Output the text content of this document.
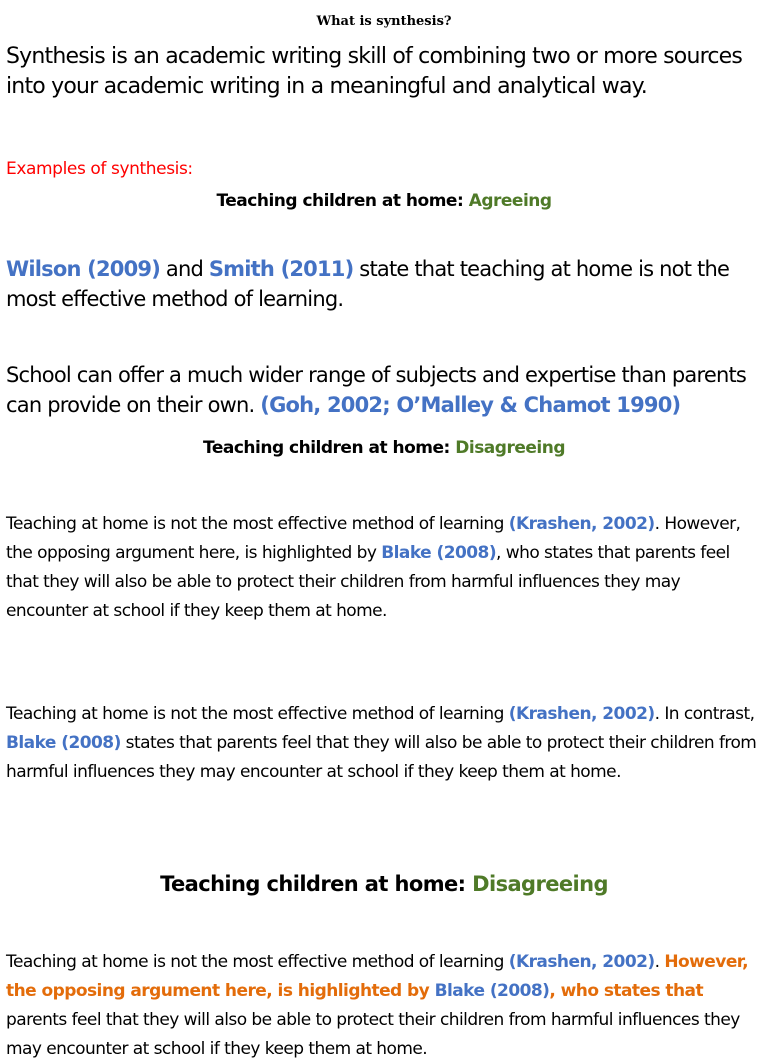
What is synthesis?

Synthesis is an academic writing skill of combining two or more sources into your academic writing in a meaningful and analytical way.

Examples of synthesis:
Teaching children at home: Agreeing

Wilson (2009) and Smith (2011) state that teaching at home is not the most effective method of learning.

School can offer a much wider range of subjects and expertise than parents can provide on their own. (Goh, 2002; O’Malley & Chamot 1990)

Teaching children at home: Disagreeing

Teaching at home is not the most effective method of learning (Krashen, 2002). However, the opposing argument here, is highlighted by Blake (2008), who states that parents feel that they will also be able to protect their children from harmful influences they may encounter at school if they keep them at home.

Teaching at home is not the most effective method of learning (Krashen, 2002). In contrast, Blake (2008) states that parents feel that they will also be able to protect their children from harmful influences they may encounter at school if they keep them at home.

Teaching children at home: Disagreeing

Teaching at home is not the most effective method of learning (Krashen, 2002). However, the opposing argument here, is highlighted by Blake (2008), who states that parents feel that they will also be able to protect their children from harmful influences they may encounter at school if they keep them at home.
